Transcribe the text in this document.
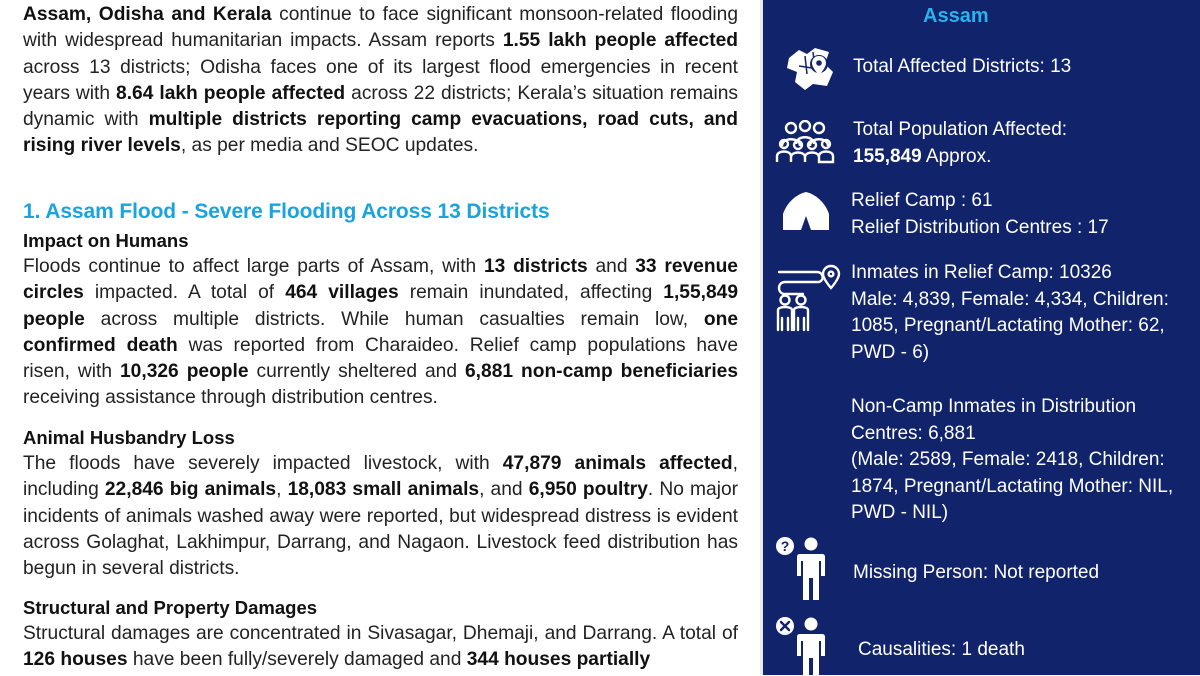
Assam, Odisha and Kerala continue to face significant monsoon-related flooding with widespread humanitarian impacts. Assam reports 1.55 lakh people affected across 13 districts; Odisha faces one of its largest flood emergencies in recent years with 8.64 lakh people affected across 22 districts; Kerala’s situation remains dynamic with multiple districts reporting camp evacuations, road cuts, and rising river levels, as per media and SEOC updates.

1. Assam Flood - Severe Flooding Across 13 Districts
Impact on Humans

Floods continue to affect large parts of Assam, with 13 districts and 33 revenue circles impacted. A total of 464 villages remain inundated, affecting 1,55,849 people across multiple districts. While human casualties remain low, one confirmed death was reported from Charaideo. Relief camp populations have risen, with 10,326 people currently sheltered and 6,881 non-camp beneficiaries receiving assistance through distribution centres.

Animal Husbandry Loss

The floods have severely impacted livestock, with 47,879 animals affected, including 22,846 big animals, 18,083 small animals, and 6,950 poultry. No major incidents of animals washed away were reported, but widespread distress is evident across Golaghat, Lakhimpur, Darrang, and Nagaon. Livestock feed distribution has begun in several districts.

Structural and Property Damages

Structural damages are concentrated in Sivasagar, Dhemaji, and Darrang. A total of 126 houses have been fully/severely damaged and 344 houses partially

Assam

Total Affected Districts: 13

Total Population Affected:
155,849 Approx.

Relief Camp : 61
Relief Distribution Centres : 17

Inmates in Relief Camp: 10326
Male: 4,839, Female: 4,334, Children:
1085, Pregnant/Lactating Mother: 62,
PWD - 6)

Non-Camp Inmates in Distribution
Centres: 6,881
(Male: 2589, Female: 2418, Children:
1874, Pregnant/Lactating Mother: NIL,
PWD - NIL)

?

Missing Person: Not reported

Causalities: 1 death
